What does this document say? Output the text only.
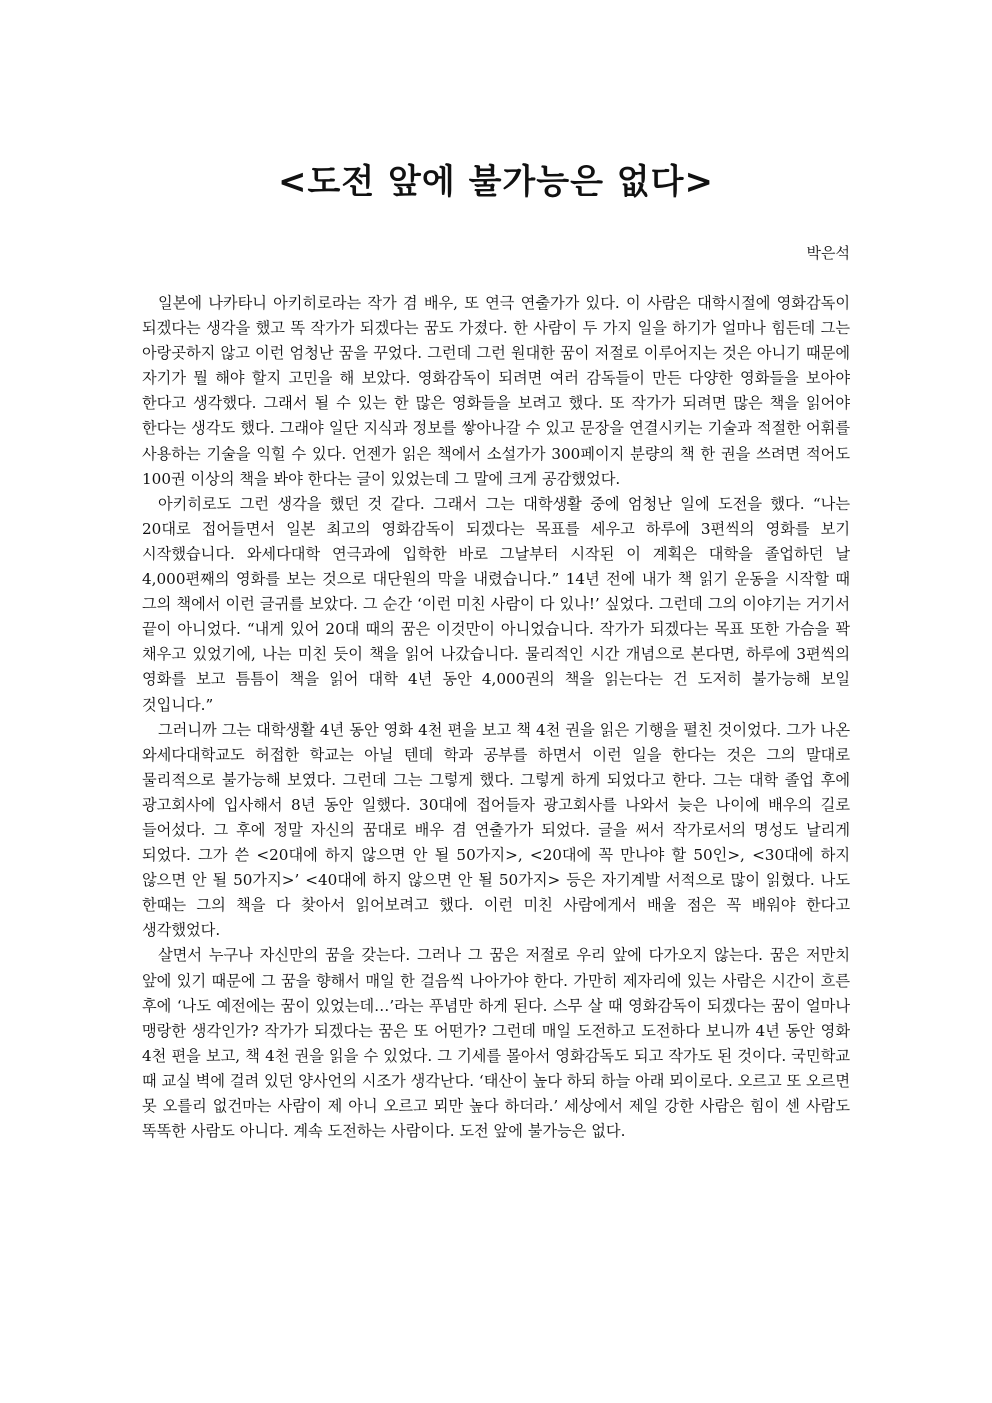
<도전 앞에 불가능은 없다>

박은석

일본에 나카타니 아키히로라는 작가 겸 배우, 또 연극 연출가가 있다. 이 사람은 대학시절에 영화감독이 되겠다는 생각을 했고 똑 작가가 되겠다는 꿈도 가졌다. 한 사람이 두 가지 일을 하기가 얼마나 힘든데 그는 아랑곳하지 않고 이런 엄청난 꿈을 꾸었다. 그런데 그런 원대한 꿈이 저절로 이루어지는 것은 아니기 때문에 자기가 뭘 해야 할지 고민을 해 보았다. 영화감독이 되려면 여러 감독들이 만든 다양한 영화들을 보아야 한다고 생각했다. 그래서 될 수 있는 한 많은 영화들을 보려고 했다. 또 작가가 되려면 많은 책을 읽어야 한다는 생각도 했다. 그래야 일단 지식과 정보를 쌓아나갈 수 있고 문장을 연결시키는 기술과 적절한 어휘를 사용하는 기술을 익힐 수 있다. 언젠가 읽은 책에서 소설가가 300페이지 분량의 책 한 권을 쓰려면 적어도 100권 이상의 책을 봐야 한다는 글이 있었는데 그 말에 크게 공감했었다.

아키히로도 그런 생각을 했던 것 같다. 그래서 그는 대학생활 중에 엄청난 일에 도전을 했다. “나는 20대로 접어들면서 일본 최고의 영화감독이 되겠다는 목표를 세우고 하루에 3편씩의 영화를 보기 시작했습니다. 와세다대학 연극과에 입학한 바로 그날부터 시작된 이 계획은 대학을 졸업하던 날 4,000편째의 영화를 보는 것으로 대단원의 막을 내렸습니다.” 14년 전에 내가 책 읽기 운동을 시작할 때 그의 책에서 이런 글귀를 보았다. 그 순간 ‘이런 미친 사람이 다 있나!’ 싶었다. 그런데 그의 이야기는 거기서 끝이 아니었다. “내게 있어 20대 때의 꿈은 이것만이 아니었습니다. 작가가 되겠다는 목표 또한 가슴을 꽉 채우고 있었기에, 나는 미친 듯이 책을 읽어 나갔습니다. 물리적인 시간 개념으로 본다면, 하루에 3편씩의 영화를 보고 틈틈이 책을 읽어 대학 4년 동안 4,000권의 책을 읽는다는 건 도저히 불가능해 보일 것입니다.”

그러니까 그는 대학생활 4년 동안 영화 4천 편을 보고 책 4천 권을 읽은 기행을 펼친 것이었다. 그가 나온 와세다대학교도 허접한 학교는 아닐 텐데 학과 공부를 하면서 이런 일을 한다는 것은 그의 말대로 물리적으로 불가능해 보였다. 그런데 그는 그렇게 했다. 그렇게 하게 되었다고 한다. 그는 대학 졸업 후에 광고회사에 입사해서 8년 동안 일했다. 30대에 접어들자 광고회사를 나와서 늦은 나이에 배우의 길로 들어섰다. 그 후에 정말 자신의 꿈대로 배우 겸 연출가가 되었다. 글을 써서 작가로서의 명성도 날리게 되었다. 그가 쓴 <20대에 하지 않으면 안 될 50가지>, <20대에 꼭 만나야 할 50인>, <30대에 하지 않으면 안 될 50가지>’ <40대에 하지 않으면 안 될 50가지> 등은 자기계발 서적으로 많이 읽혔다. 나도 한때는 그의 책을 다 찾아서 읽어보려고 했다. 이런 미친 사람에게서 배울 점은 꼭 배워야 한다고 생각했었다.

살면서 누구나 자신만의 꿈을 갖는다. 그러나 그 꿈은 저절로 우리 앞에 다가오지 않는다. 꿈은 저만치 앞에 있기 때문에 그 꿈을 향해서 매일 한 걸음씩 나아가야 한다. 가만히 제자리에 있는 사람은 시간이 흐른 후에 ‘나도 예전에는 꿈이 있었는데…’라는 푸념만 하게 된다. 스무 살 때 영화감독이 되겠다는 꿈이 얼마나 맹랑한 생각인가? 작가가 되겠다는 꿈은 또 어떤가? 그런데 매일 도전하고 도전하다 보니까 4년 동안 영화 4천 편을 보고, 책 4천 권을 읽을 수 있었다. 그 기세를 몰아서 영화감독도 되고 작가도 된 것이다. 국민학교 때 교실 벽에 걸려 있던 양사언의 시조가 생각난다. ‘태산이 높다 하되 하늘 아래 뫼이로다. 오르고 또 오르면 못 오를리 없건마는 사람이 제 아니 오르고 뫼만 높다 하더라.’ 세상에서 제일 강한 사람은 힘이 센 사람도 똑똑한 사람도 아니다. 계속 도전하는 사람이다. 도전 앞에 불가능은 없다.
